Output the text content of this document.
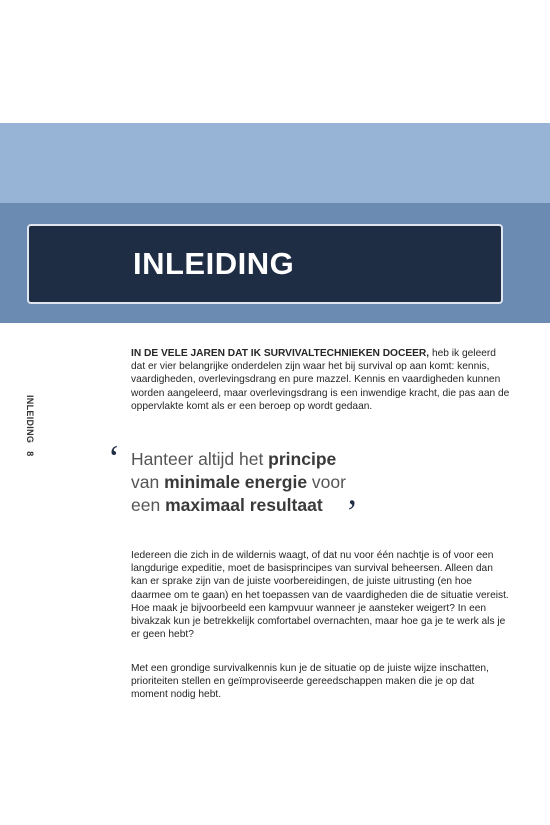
INLEIDING
INLEIDING
8

IN DE VELE JAREN DAT IK SURVIVALTECHNIEKEN DOCEER, heb ik geleerd dat er vier belangrijke onderdelen zijn waar het bij survival op aan komt: kennis, vaardigheden, overlevingsdrang en pure mazzel. Kennis en vaardigheden kunnen worden aangeleerd, maar overlevingsdrang is een inwendige kracht, die pas aan de oppervlakte komt als er een beroep op wordt gedaan.

‘ Hanteer altijd het principe
van minimale energie voor
een maximaal resultaat ’

Iedereen die zich in de wildernis waagt, of dat nu voor één nachtje is of voor een langdurige expeditie, moet de basisprincipes van survival beheersen. Alleen dan kan er sprake zijn van de juiste voorbereidingen, de juiste uitrusting (en hoe daarmee om te gaan) en het toepassen van de vaardigheden die de situatie vereist. Hoe maak je bijvoorbeeld een kampvuur wanneer je aansteker weigert? In een bivakzak kun je betrekkelijk comfortabel overnachten, maar hoe ga je te werk als je er geen hebt?

Met een grondige survivalkennis kun je de situatie op de juiste wijze inschatten, prioriteiten stellen en geïmproviseerde gereedschappen maken die je op dat moment nodig hebt.
